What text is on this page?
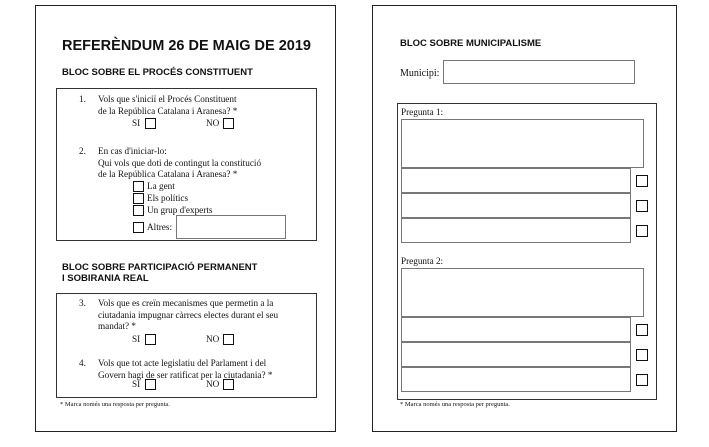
REFERÈNDUM 26 DE MAIG DE 2019
BLOC SOBRE EL PROCÉS CONSTITUENT
1. Vols que s'iniciï el Procés Constituent
de la República Catalana i Aranesa? *
SI	NO
2. En cas d'iniciar-lo:
Qui vols que doti de contingut la constitució
de la República Catalana i Aranesa? *
La gent
Els polítics
Un grup d'experts
Altres:
BLOC SOBRE PARTICIPACIÓ PERMANENT
I SOBIRANIA REAL
3. Vols que es creïn mecanismes que permetin a la
ciutadania impugnar càrrecs electes durant el seu
mandat? *
SI	NO
4. Vols que tot acte legislatiu del Parlament i del
Govern hagi de ser ratificat per la ciutadania? *
SI	NO
* Marca només una resposta per pregunta.
BLOC SOBRE MUNICIPALISME
Municipi:
Pregunta 1:
Pregunta 2:
* Marca només una resposta per pregunta.
